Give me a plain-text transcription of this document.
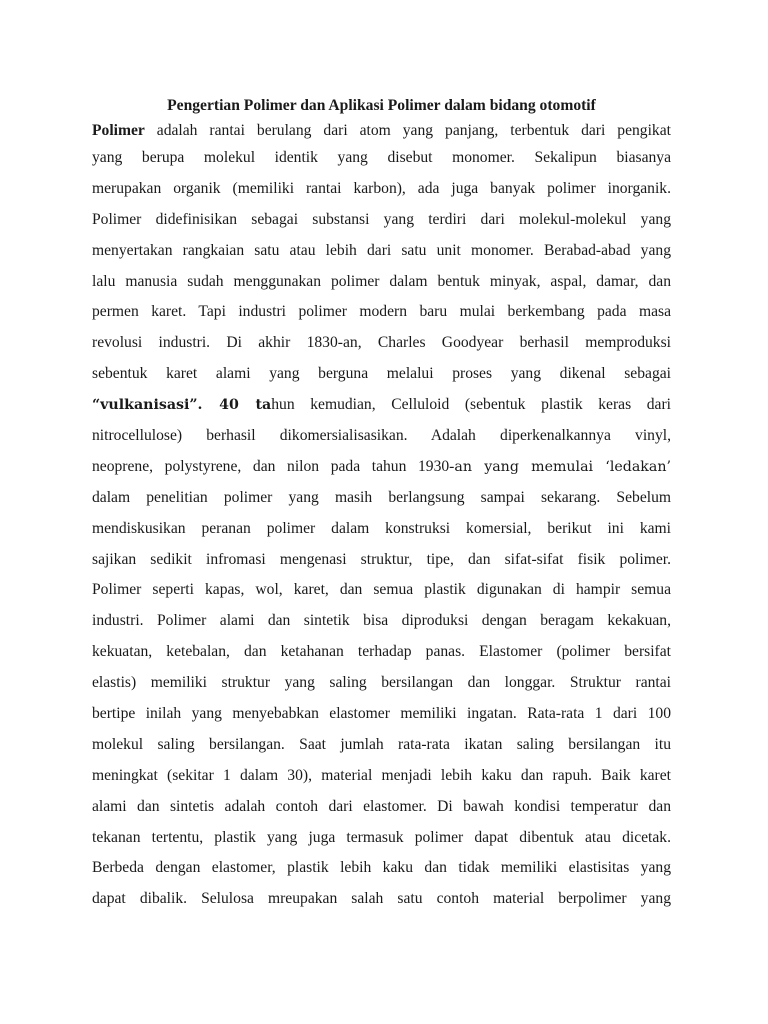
Pengertian Polimer dan Aplikasi Polimer dalam bidang otomotif
Polimer adalah rantai berulang dari atom yang panjang, terbentuk dari pengikat
yang berupa molekul identik yang disebut monomer. Sekalipun biasanya
merupakan organik (memiliki rantai karbon), ada juga banyak polimer inorganik.
Polimer didefinisikan sebagai substansi yang terdiri dari molekul-molekul yang
menyertakan rangkaian satu atau lebih dari satu unit monomer. Berabad-abad yang
lalu manusia sudah menggunakan polimer dalam bentuk minyak, aspal, damar, dan
permen karet. Tapi industri polimer modern baru mulai berkembang pada masa
revolusi industri. Di akhir 1830-an, Charles Goodyear berhasil memproduksi
sebentuk karet alami yang berguna melalui proses yang dikenal sebagai
“vulkanisasi”. 40 tahun kemudian, Celluloid (sebentuk plastik keras dari
nitrocellulose) berhasil dikomersialisasikan. Adalah diperkenalkannya vinyl,
neoprene, polystyrene, dan nilon pada tahun 1930-an yang memulai ‘ledakan’
dalam penelitian polimer yang masih berlangsung sampai sekarang. Sebelum
mendiskusikan peranan polimer dalam konstruksi komersial, berikut ini kami
sajikan sedikit infromasi mengenasi struktur, tipe, dan sifat-sifat fisik polimer.
Polimer seperti kapas, wol, karet, dan semua plastik digunakan di hampir semua
industri. Polimer alami dan sintetik bisa diproduksi dengan beragam kekakuan,
kekuatan, ketebalan, dan ketahanan terhadap panas. Elastomer (polimer bersifat
elastis) memiliki struktur yang saling bersilangan dan longgar. Struktur rantai
bertipe inilah yang menyebabkan elastomer memiliki ingatan. Rata-rata 1 dari 100
molekul saling bersilangan. Saat jumlah rata-rata ikatan saling bersilangan itu
meningkat (sekitar 1 dalam 30), material menjadi lebih kaku dan rapuh. Baik karet
alami dan sintetis adalah contoh dari elastomer. Di bawah kondisi temperatur dan
tekanan tertentu, plastik yang juga termasuk polimer dapat dibentuk atau dicetak.
Berbeda dengan elastomer, plastik lebih kaku dan tidak memiliki elastisitas yang
dapat dibalik. Selulosa mreupakan salah satu contoh material berpolimer yang
